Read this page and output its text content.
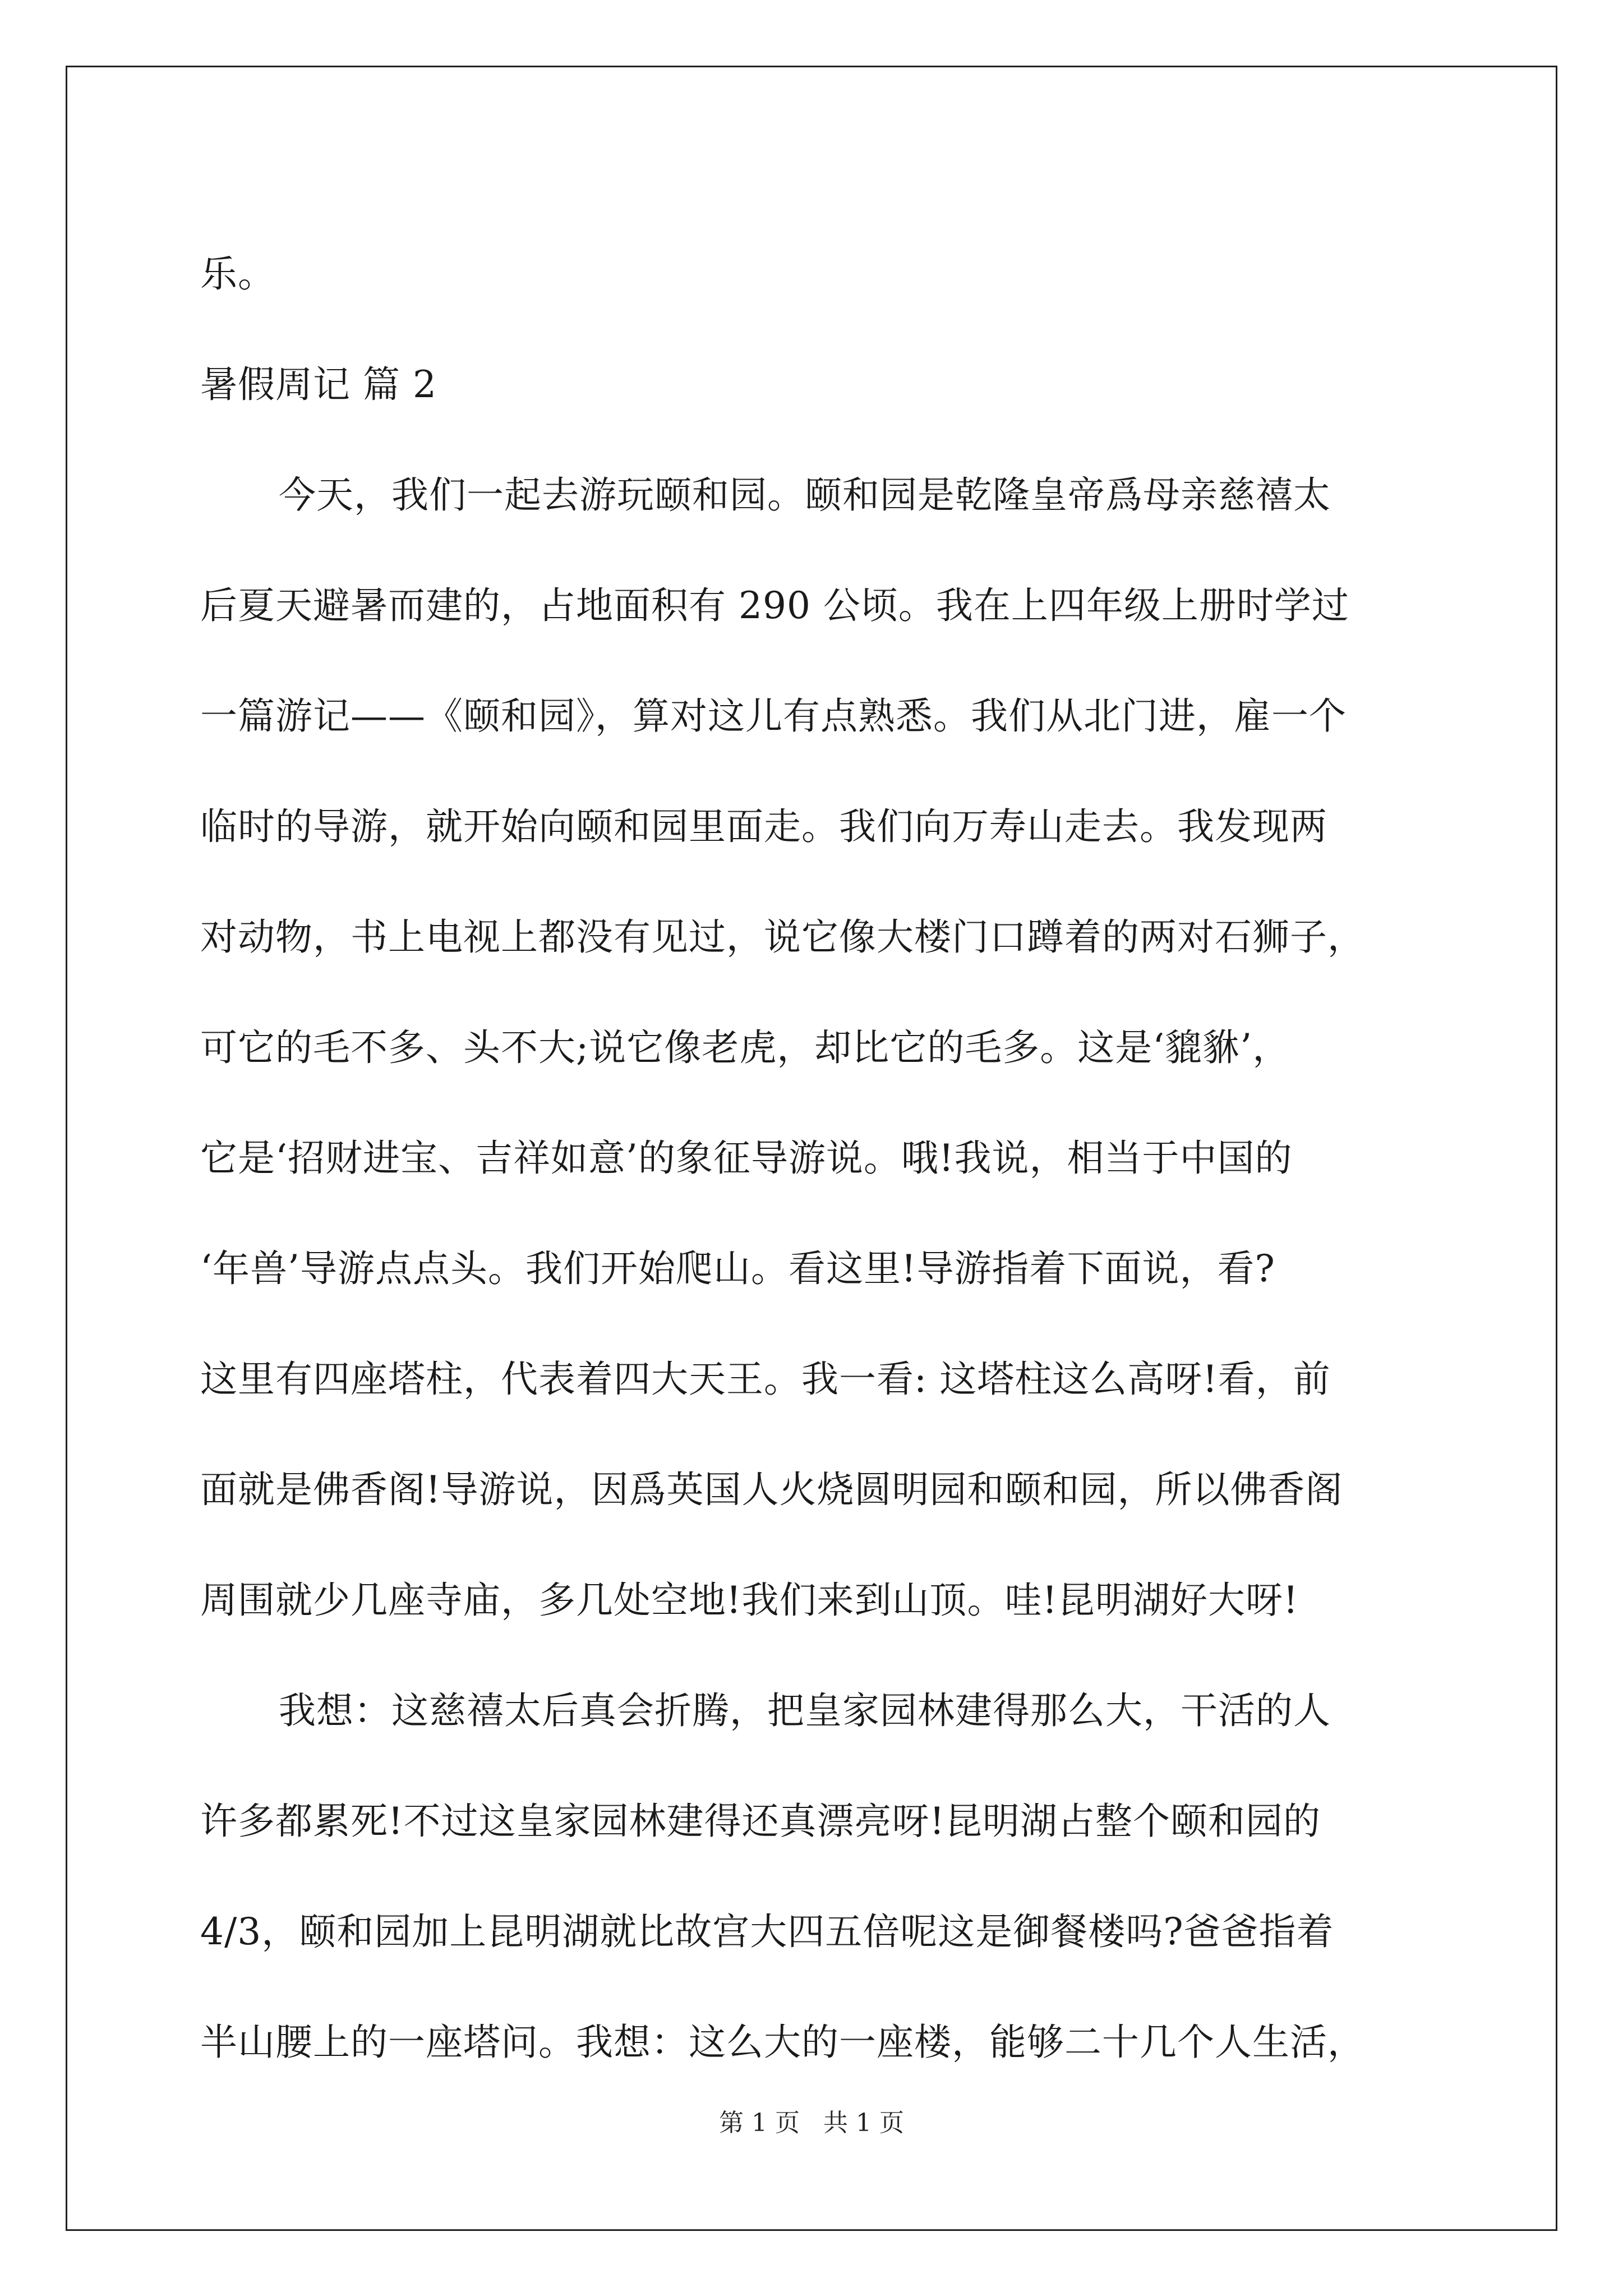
乐。
暑假周记 篇 2
今天，我们一起去游玩颐和园。颐和园是乾隆皇帝爲母亲慈禧太
后夏天避暑而建的，占地面积有 290 公顷。我在上四年级上册时学过
一篇游记——《颐和园》，算对这儿有点熟悉。我们从北门进，雇一个
临时的导游，就开始向颐和园里面走。我们向万寿山走去。我发现两
对动物，书上电视上都没有见过，说它像大楼门口蹲着的两对石狮子，
可它的毛不多、头不大;说它像老虎，却比它的毛多。这是‘貔貅’，
它是‘招财进宝、吉祥如意’的象征导游说。哦!我说，相当于中国的
‘年兽’导游点点头。我们开始爬山。看这里!导游指着下面说，看?
这里有四座塔柱，代表着四大天王。我一看: 这塔柱这么高呀!看，前
面就是佛香阁!导游说，因爲英国人火烧圆明园和颐和园，所以佛香阁
周围就少几座寺庙，多几处空地!我们来到山顶。哇!昆明湖好大呀!
我想：这慈禧太后真会折腾，把皇家园林建得那么大，干活的人
许多都累死!不过这皇家园林建得还真漂亮呀!昆明湖占整个颐和园的
4/3，颐和园加上昆明湖就比故宫大四五倍呢这是御餐楼吗?爸爸指着
半山腰上的一座塔问。我想：这么大的一座楼，能够二十几个人生活，
第 1 页 共 1 页
